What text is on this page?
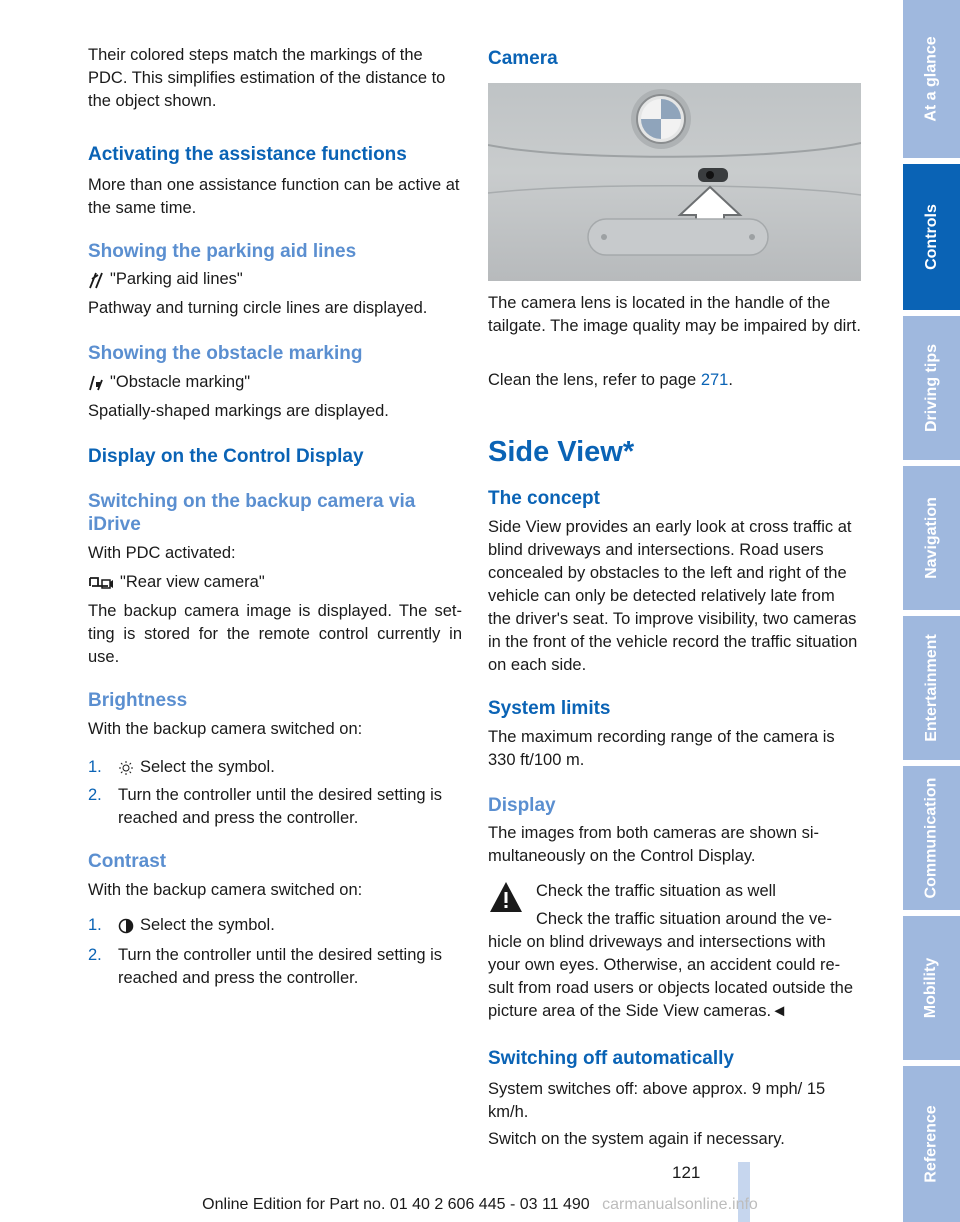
Their colored steps match the markings of the PDC. This simplifies estimation of the distance to the object shown.

Activating the assistance functions

More than one assistance function can be active at the same time.

Showing the parking aid lines

"Parking aid lines"

Pathway and turning circle lines are displayed.

Showing the obstacle marking

"Obstacle marking"

Spatially-shaped markings are displayed.

Display on the Control Display
Switching on the backup camera via iDrive

With PDC activated:

"Rear view camera"

The backup camera image is displayed. The set-ting is stored for the remote control currently in use.

Brightness

With the backup camera switched on:

1.	Select the symbol.
2. Turn the controller until the desired setting is reached and press the controller.
Contrast

With the backup camera switched on:

1.	Select the symbol.
2. Turn the controller until the desired setting is reached and press the controller.
Camera

The camera lens is located in the handle of the tailgate. The image quality may be impaired by dirt.

Clean the lens, refer to page 271.

Side View*
The concept

Side View provides an early look at cross traffic at blind driveways and intersections. Road users concealed by obstacles to the left and right of the vehicle can only be detected relatively late from the driver's seat. To improve visibility, two cameras in the front of the vehicle record the traffic situation on each side.

System limits

The maximum recording range of the camera is 330 ft/100 m.

Display

The images from both cameras are shown si-multaneously on the Control Display.

Check the traffic situation as well

Check the traffic situation around the ve-

hicle on blind driveways and intersections with your own eyes. Otherwise, an accident could re-sult from road users or objects located outside the picture area of the Side View cameras.◄

Switching off automatically

System switches off: above approx. 9 mph/ 15 km/h.

Switch on the system again if necessary.

At a glance
Controls
Driving tips
Navigation
Entertainment
Communication
Mobility
Reference
121
Online Edition for Part no. 01 40 2 606 445 - 03 11 490 carmanualsonline.info
